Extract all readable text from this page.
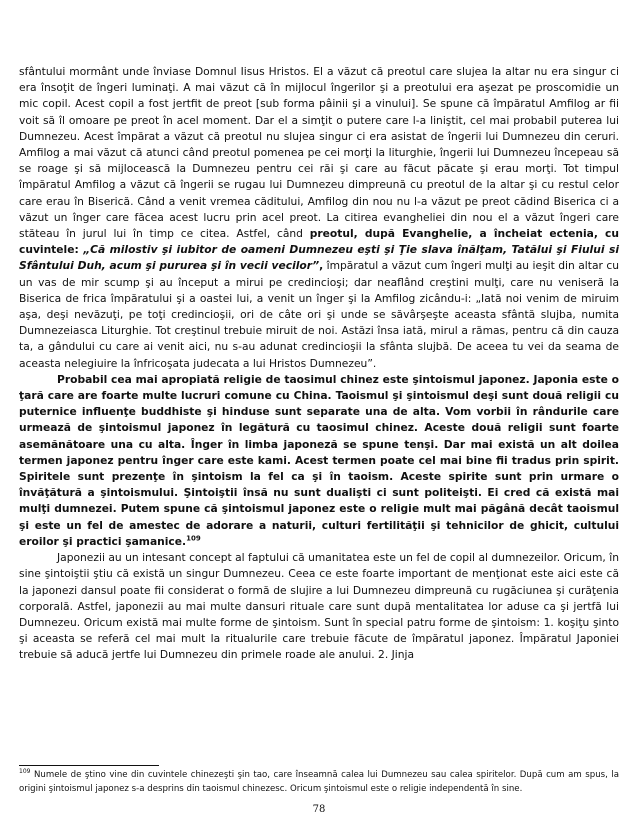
sfântului mormânt unde înviase Domnul Iisus Hristos. El a văzut că preotul care slujea la altar nu era singur ci era însoţit de îngeri luminaţi. A mai văzut că în mijlocul îngerilor şi a preotului era aşezat pe proscomidie un mic copil. Acest copil a fost jertfit de preot [sub forma pâinii şi a vinului]. Se spune că împăratul Amfilog ar fii voit să îl omoare pe preot în acel moment. Dar el a simţit o putere care l-a liniştit, cel mai probabil puterea lui Dumnezeu. Acest împărat a văzut că preotul nu slujea singur ci era asistat de îngerii lui Dumnezeu din ceruri. Amfilog a mai văzut că atunci când preotul pomenea pe cei morţi la liturghie, îngerii lui Dumnezeu începeau să se roage şi să mijlocească la Dumnezeu pentru cei răi şi care au făcut păcate şi erau morţi. Tot timpul împăratul Amfilog a văzut că îngerii se rugau lui Dumnezeu dimpreună cu preotul de la altar şi cu restul celor care erau în Biserică. Când a venit vremea căditului, Amfilog din nou nu l-a văzut pe preot cădind Biserica ci a văzut un înger care făcea acest lucru prin acel preot. La citirea evangheliei din nou el a văzut îngeri care stăteau în jurul lui în timp ce citea. Astfel, când preotul, după Evanghelie, a încheiat ectenia, cu cuvintele: „Că milostiv şi iubitor de oameni Dumnezeu eşti şi Ţie slava înălţam, Tatălui şi Fiului si Sfântului Duh, acum şi pururea şi în vecii vecilor”, împăratul a văzut cum îngeri mulţi au ieşit din altar cu un vas de mir scump şi au început a mirui pe credincioşi; dar neaflând creştini mulţi, care nu veniseră la Biserica de frica împăratului şi a oastei lui, a venit un înger şi la Amfilog zicându-i: „Iată noi venim de miruim aşa, deşi nevăzuţi, pe toţi credincioşii, ori de câte ori şi unde se săvârşeşte aceasta sfântă slujba, numita Dumnezeiasca Liturghie. Tot creştinul trebuie miruit de noi. Astăzi însa iată, mirul a rămas, pentru că din cauza ta, a gândului cu care ai venit aici, nu s-au adunat credincioşii la sfânta slujbă. De aceea tu vei da seama de aceasta nelegiuire la înfricoşata judecata a lui Hristos Dumnezeu”.

Probabil cea mai apropiată religie de taosimul chinez este şintoismul japonez. Japonia este o ţară care are foarte multe lucruri comune cu China. Taoismul şi şintoismul deşi sunt două religii cu puternice influenţe buddhiste şi hinduse sunt separate una de alta. Vom vorbii în rândurile care urmează de şintoismul japonez în legătură cu taosimul chinez. Aceste două religii sunt foarte asemănătoare una cu alta. Înger în limba japoneză se spune tenşi. Dar mai există un alt doilea termen japonez pentru înger care este kami. Acest termen poate cel mai bine fii tradus prin spirit. Spiritele sunt prezenţe în şintoism la fel ca şi în taoism. Aceste spirite sunt prin urmare o învăţătură a şintoismului. Şintoiştii însă nu sunt dualişti ci sunt politeişti. Ei cred că există mai mulţi dumnezei. Putem spune că şintoismul japonez este o religie mult mai păgână decât taoismul şi este un fel de amestec de adorare a naturii, culturi fertilităţii şi tehnicilor de ghicit, cultului eroilor şi practici şamanice.$^{109}$

Japonezii au un intesant concept al faptului că umanitatea este un fel de copil al dumnezeilor. Oricum, în sine şintoiştii ştiu că există un singur Dumnezeu. Ceea ce este foarte important de menţionat este aici este că la japonezi dansul poate fii considerat o formă de slujire a lui Dumnezeu dimpreună cu rugăciunea şi curăţenia corporală. Astfel, japonezii au mai multe dansuri rituale care sunt după mentalitatea lor aduse ca şi jertfă lui Dumnezeu. Oricum există mai multe forme de şintoism. Sunt în special patru forme de şintoism: 1. koşiţu şinto şi aceasta se referă cel mai mult la ritualurile care trebuie făcute de împăratul japonez. Împăratul Japoniei trebuie să aducă jertfe lui Dumnezeu din primele roade ale anului. 2. Jinja

$^{109}$ Numele de ştino vine din cuvintele chinezeşti şin tao, care înseamnă calea lui Dumnezeu sau calea spiritelor. După cum am spus, la origini şintoismul japonez s-a desprins din taoismul chinezesc. Oricum şintoismul este o religie independentă în sine.

78
